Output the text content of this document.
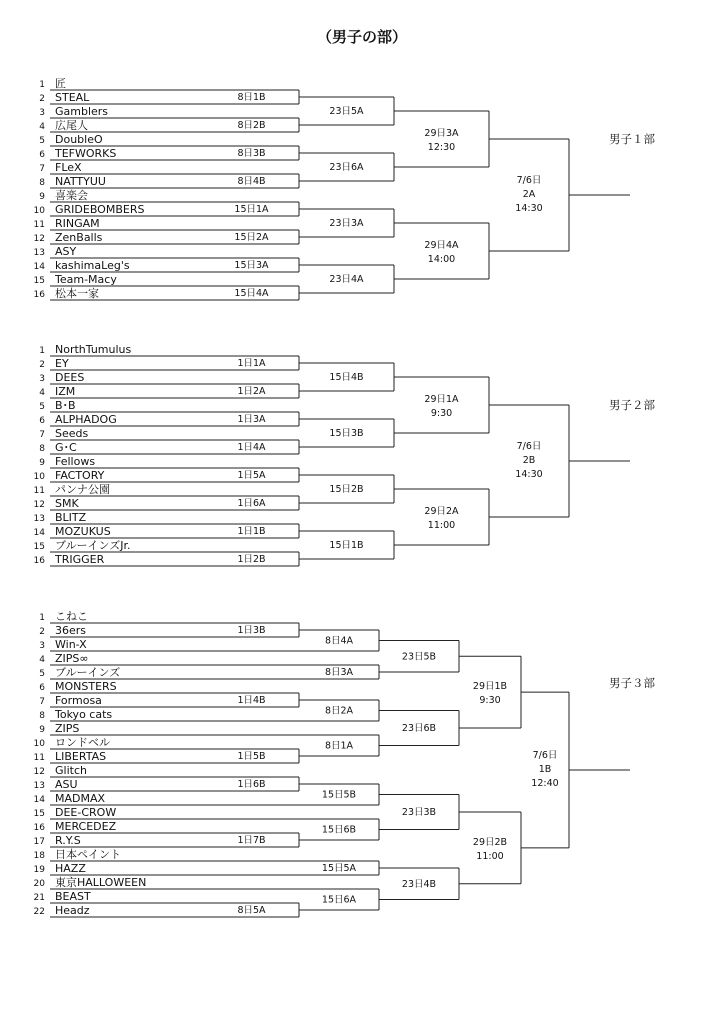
（男子の部）
1 匠
2 STEAL
3 Gamblers
4 広尾人
5 DoubleO
6 TEFWORKS
7 FLeX
8 NATTYUU
9 喜楽会
10 GRIDEBOMBERS
11 RINGAM
12 ZenBalls
13 ASY
14 kashimaLeg's
15 Team-Macy
16 松本一家
8日1B
8日2B
8日3B
8日4B
15日1A
15日2A
15日3A
15日4A
23日5A
23日6A
23日3A
23日4A
29日3A
12:30
29日4A
14:00
7/6日
2A
14:30
男子１部
1 NorthTumulus
2 EY
3 DEES
4 IZM
5 B･B
6 ALPHADOG
7 Seeds
8 G･C
9 Fellows
10 FACTORY
11 パンナ公園
12 SMK
13 BLITZ
14 MOZUKUS
15 ブルーインズJr.
16 TRIGGER
1日1A
1日2A
1日3A
1日4A
1日5A
1日6A
1日1B
1日2B
15日4B
15日3B
15日2B
15日1B
29日1A
9:30
29日2A
11:00
7/6日
2B
14:30
男子２部
1 こねこ
2 36ers
3 Win-X
4 ZIPS∞
5 ブルーインズ
6 MONSTERS
7 Formosa
8 Tokyo cats
9 ZIPS
10 ロンドベル
11 LIBERTAS
12 Glitch
13 ASU
14 MADMAX
15 DEE-CROW
16 MERCEDEZ
17 R.Y.S
18 日本ペイント
19 HAZZ
20 東京HALLOWEEN
21 BEAST
22 Headz
1日3B
8日4A
8日3A
1日4B
8日2A
1日5B
8日1A
1日6B
15日5B
1日7B
15日6B
15日5A
8日5A
15日6A
23日5B
23日6B
23日3B
23日4B
29日1B
9:30
29日2B
11:00
7/6日
1B
12:40
男子３部
